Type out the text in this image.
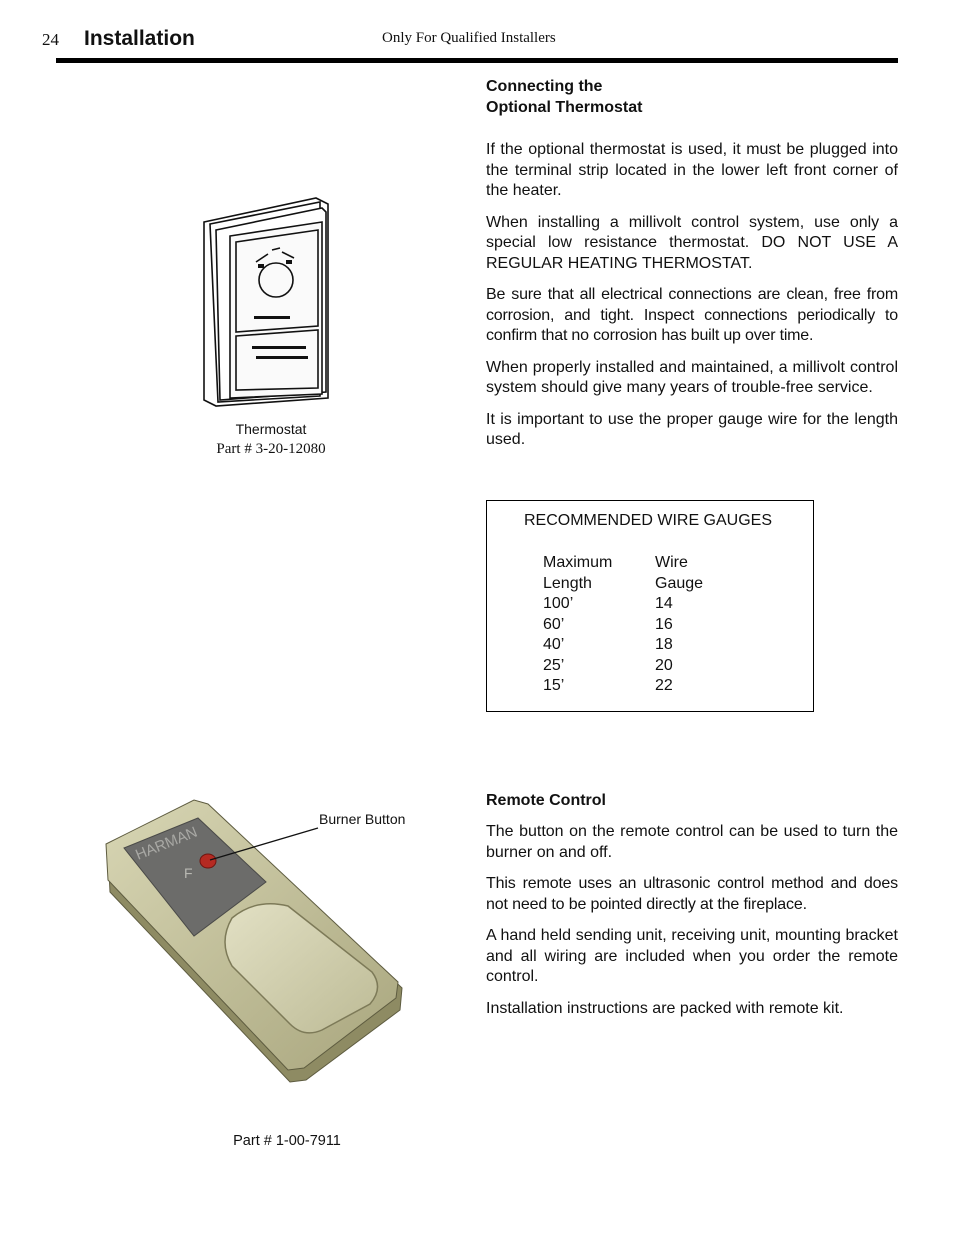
24 Installation	Only For Qualified Installers
Thermostat
Part # 3-20-12080
Connecting the
Optional Thermostat

If the optional thermostat is used, it must be plugged into the terminal strip located in the lower left front corner of the heater.

When installing a millivolt control system, use only a special low resistance thermostat. DO NOT USE A REGULAR HEATING THERMOSTAT.

Be sure that all electrical connections are clean, free from corrosion, and tight. Inspect connections periodically to confirm that no corrosion has built up over time.

When properly installed and maintained, a millivolt control system should give many years of trouble-free service.

It is important to use the proper gauge wire for the length used.

RECOMMENDED WIRE GAUGES
Maximum	Wire
Length	Gauge
100’	14
60’	16
40’	18
25’	20
15’	22
HARMAN
F
Burner Button
Part # 1-00-7911
Remote Control

The button on the remote control can be used to turn the burner on and off.

This remote uses an ultrasonic control method and does not need to be pointed directly at the fireplace.

A hand held sending unit, receiving unit, mounting bracket and all wiring are included when you order the remote control.

Installation instructions are packed with remote kit.
